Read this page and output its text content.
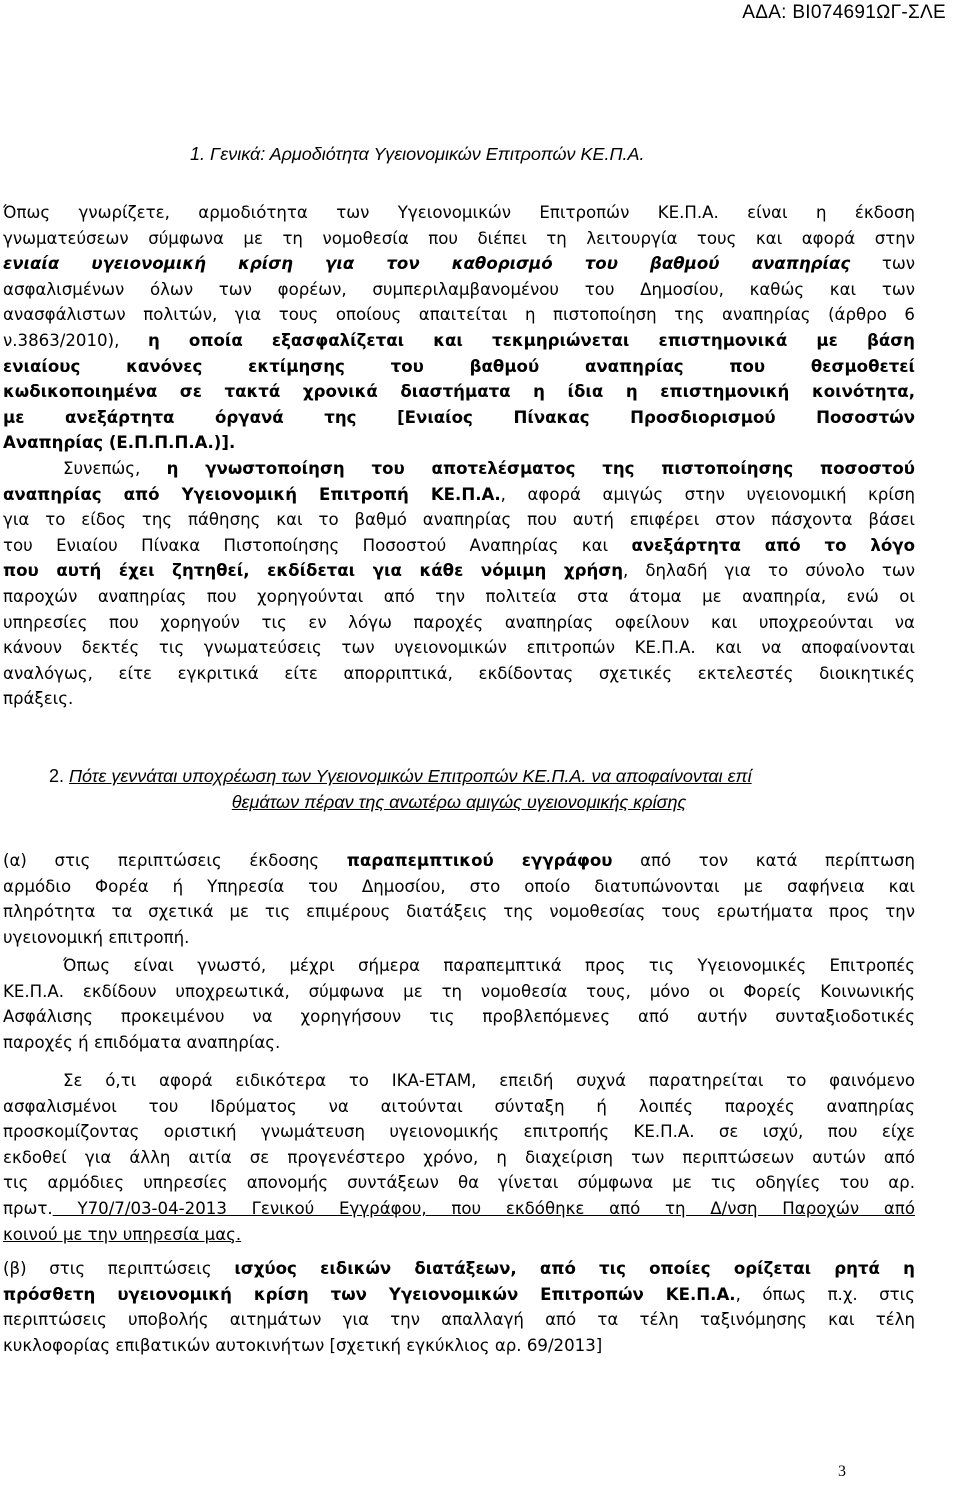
ΑΔΑ: ΒΙ074691ΩΓ-ΣΛΕ

1. Γενικά: Αρμοδιότητα Υγειονομικών Επιτροπών ΚΕ.Π.Α.

Όπως γνωρίζετε, αρμοδιότητα των Υγειονομικών Επιτροπών ΚΕ.Π.Α. είναι η έκδοση

γνωματεύσεων σύμφωνα με τη νομοθεσία που διέπει τη λειτουργία τους και αφορά στην

ενιαία υγειονομική κρίση για τον καθορισμό του βαθμού αναπηρίας των

ασφαλισμένων όλων των φορέων, συμπεριλαμβανομένου του Δημοσίου, καθώς και των

ανασφάλιστων πολιτών, για τους οποίους απαιτείται η πιστοποίηση της αναπηρίας (άρθρο 6

ν.3863/2010), η οποία εξασφαλίζεται και τεκμηριώνεται επιστημονικά με βάση

ενιαίους κανόνες εκτίμησης του βαθμού αναπηρίας που θεσμοθετεί

κωδικοποιημένα σε τακτά χρονικά διαστήματα η ίδια η επιστημονική κοινότητα,

με ανεξάρτητα όργανά της [Ενιαίος Πίνακας Προσδιορισμού Ποσοστών

Αναπηρίας (Ε.Π.Π.Π.Α.)].

Συνεπώς, η γνωστοποίηση του αποτελέσματος της πιστοποίησης ποσοστού

αναπηρίας από Υγειονομική Επιτροπή ΚΕ.Π.Α., αφορά αμιγώς στην υγειονομική κρίση

για το είδος της πάθησης και το βαθμό αναπηρίας που αυτή επιφέρει στον πάσχοντα βάσει

του Ενιαίου Πίνακα Πιστοποίησης Ποσοστού Αναπηρίας και ανεξάρτητα από το λόγο

που αυτή έχει ζητηθεί, εκδίδεται για κάθε νόμιμη χρήση, δηλαδή για το σύνολο των

παροχών αναπηρίας που χορηγούνται από την πολιτεία στα άτομα με αναπηρία, ενώ οι

υπηρεσίες που χορηγούν τις εν λόγω παροχές αναπηρίας οφείλουν και υποχρεούνται να

κάνουν δεκτές τις γνωματεύσεις των υγειονομικών επιτροπών ΚΕ.Π.Α. και να αποφαίνονται

αναλόγως, είτε εγκριτικά είτε απορριπτικά, εκδίδοντας σχετικές εκτελεστές διοικητικές

πράξεις.

2. Πότε γεννάται υποχρέωση των Υγειονομικών Επιτροπών ΚΕ.Π.Α. να αποφαίνονται επί

θεμάτων πέραν της ανωτέρω αμιγώς υγειονομικής κρίσης

(α) στις περιπτώσεις έκδοσης παραπεμπτικού εγγράφου από τον κατά περίπτωση

αρμόδιο Φορέα ή Υπηρεσία του Δημοσίου, στο οποίο διατυπώνονται με σαφήνεια και

πληρότητα τα σχετικά με τις επιμέρους διατάξεις της νομοθεσίας τους ερωτήματα προς την

υγειονομική επιτροπή.

Όπως είναι γνωστό, μέχρι σήμερα παραπεμπτικά προς τις Υγειονομικές Επιτροπές

ΚΕ.Π.Α. εκδίδουν υποχρεωτικά, σύμφωνα με τη νομοθεσία τους, μόνο οι Φορείς Κοινωνικής

Ασφάλισης προκειμένου να χορηγήσουν τις προβλεπόμενες από αυτήν συνταξιοδοτικές

παροχές ή επιδόματα αναπηρίας.

Σε ό,τι αφορά ειδικότερα το ΙΚΑ-ΕΤΑΜ, επειδή συχνά παρατηρείται το φαινόμενο

ασφαλισμένοι του Ιδρύματος να αιτούνται σύνταξη ή λοιπές παροχές αναπηρίας

προσκομίζοντας οριστική γνωμάτευση υγειονομικής επιτροπής ΚΕ.Π.Α. σε ισχύ, που είχε

εκδοθεί για άλλη αιτία σε προγενέστερο χρόνο, η διαχείριση των περιπτώσεων αυτών από

τις αρμόδιες υπηρεσίες απονομής συντάξεων θα γίνεται σύμφωνα με τις οδηγίες του αρ.

πρωτ. Υ70/7/03-04-2013 Γενικού Εγγράφου, που εκδόθηκε από τη Δ/νση Παροχών από

κοινού με την υπηρεσία μας.

(β) στις περιπτώσεις ισχύος ειδικών διατάξεων, από τις οποίες ορίζεται ρητά η

πρόσθετη υγειονομική κρίση των Υγειονομικών Επιτροπών ΚΕ.Π.Α., όπως π.χ. στις

περιπτώσεις υποβολής αιτημάτων για την απαλλαγή από τα τέλη ταξινόμησης και τέλη

κυκλοφορίας επιβατικών αυτοκινήτων [σχετική εγκύκλιος αρ. 69/2013]

3
